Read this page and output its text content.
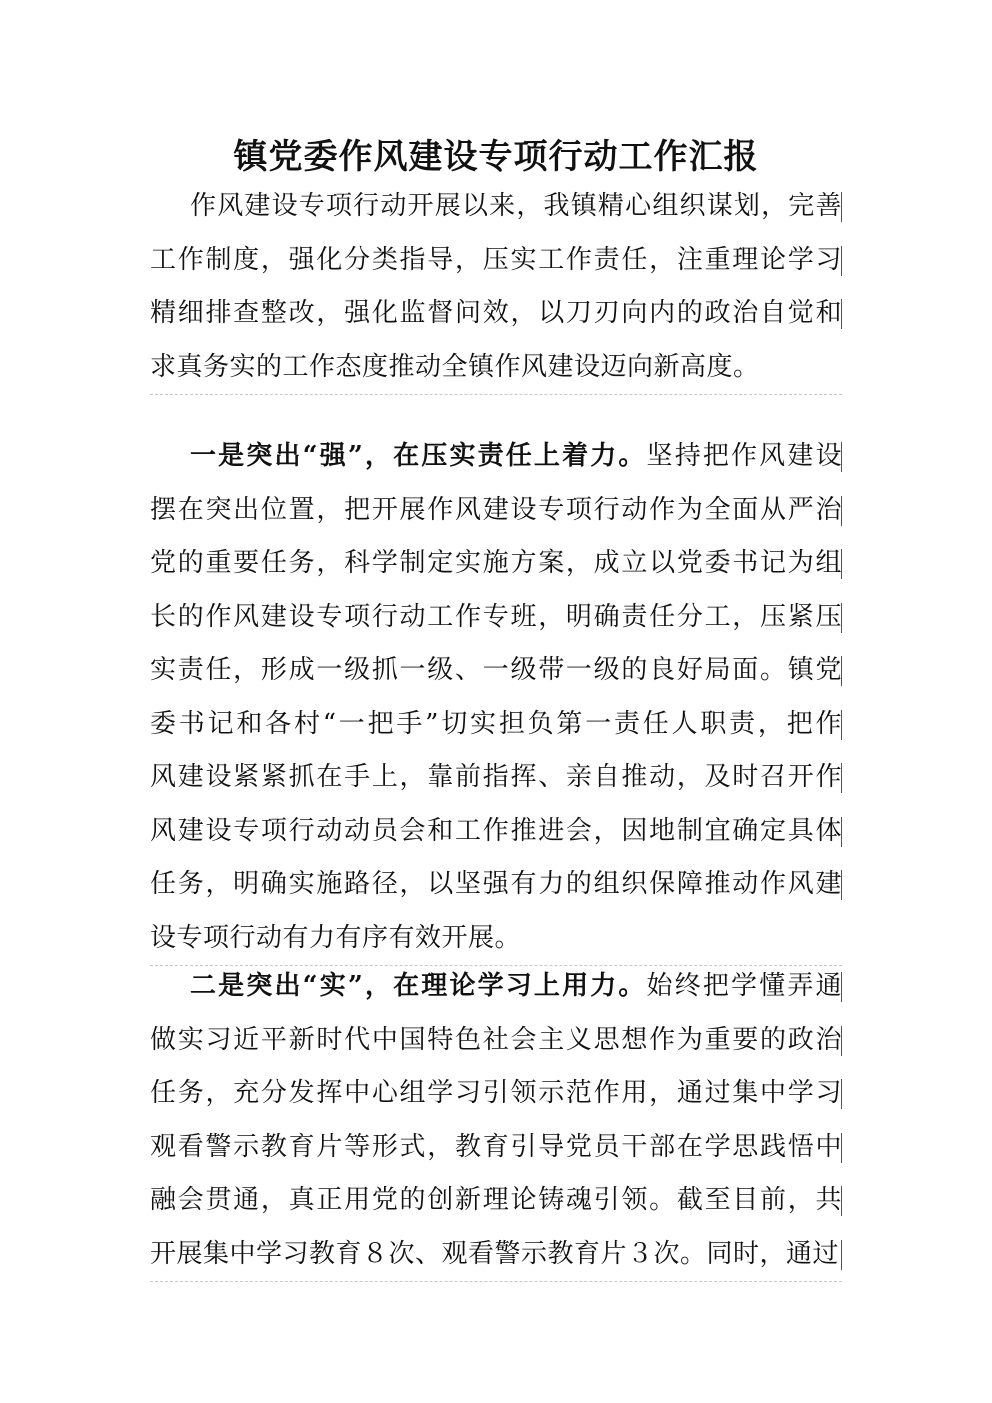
镇党委作风建设专项行动工作汇报
作风建设专项行动开展以来，我镇精心组织谋划，完善
工作制度，强化分类指导，压实工作责任，注重理论学习
精细排查整改，强化监督问效，以刀刃向内的政治自觉和
求真务实的工作态度推动全镇作风建设迈向新高度。
一是突出“强”，在压实责任上着力。坚持把作风建设
摆在突出位置，把开展作风建设专项行动作为全面从严治
党的重要任务，科学制定实施方案，成立以党委书记为组
长的作风建设专项行动工作专班，明确责任分工，压紧压
实责任，形成一级抓一级、一级带一级的良好局面。镇党
委书记和各村“一把手”切实担负第一责任人职责，把作
风建设紧紧抓在手上，靠前指挥、亲自推动，及时召开作
风建设专项行动动员会和工作推进会，因地制宜确定具体
任务，明确实施路径，以坚强有力的组织保障推动作风建
设专项行动有力有序有效开展。
二是突出“实”，在理论学习上用力。始终把学懂弄通
做实习近平新时代中国特色社会主义思想作为重要的政治
任务，充分发挥中心组学习引领示范作用，通过集中学习
观看警示教育片等形式，教育引导党员干部在学思践悟中
融会贯通，真正用党的创新理论铸魂引领。截至目前，共
开展集中学习教育８次、观看警示教育片３次。同时，通过
